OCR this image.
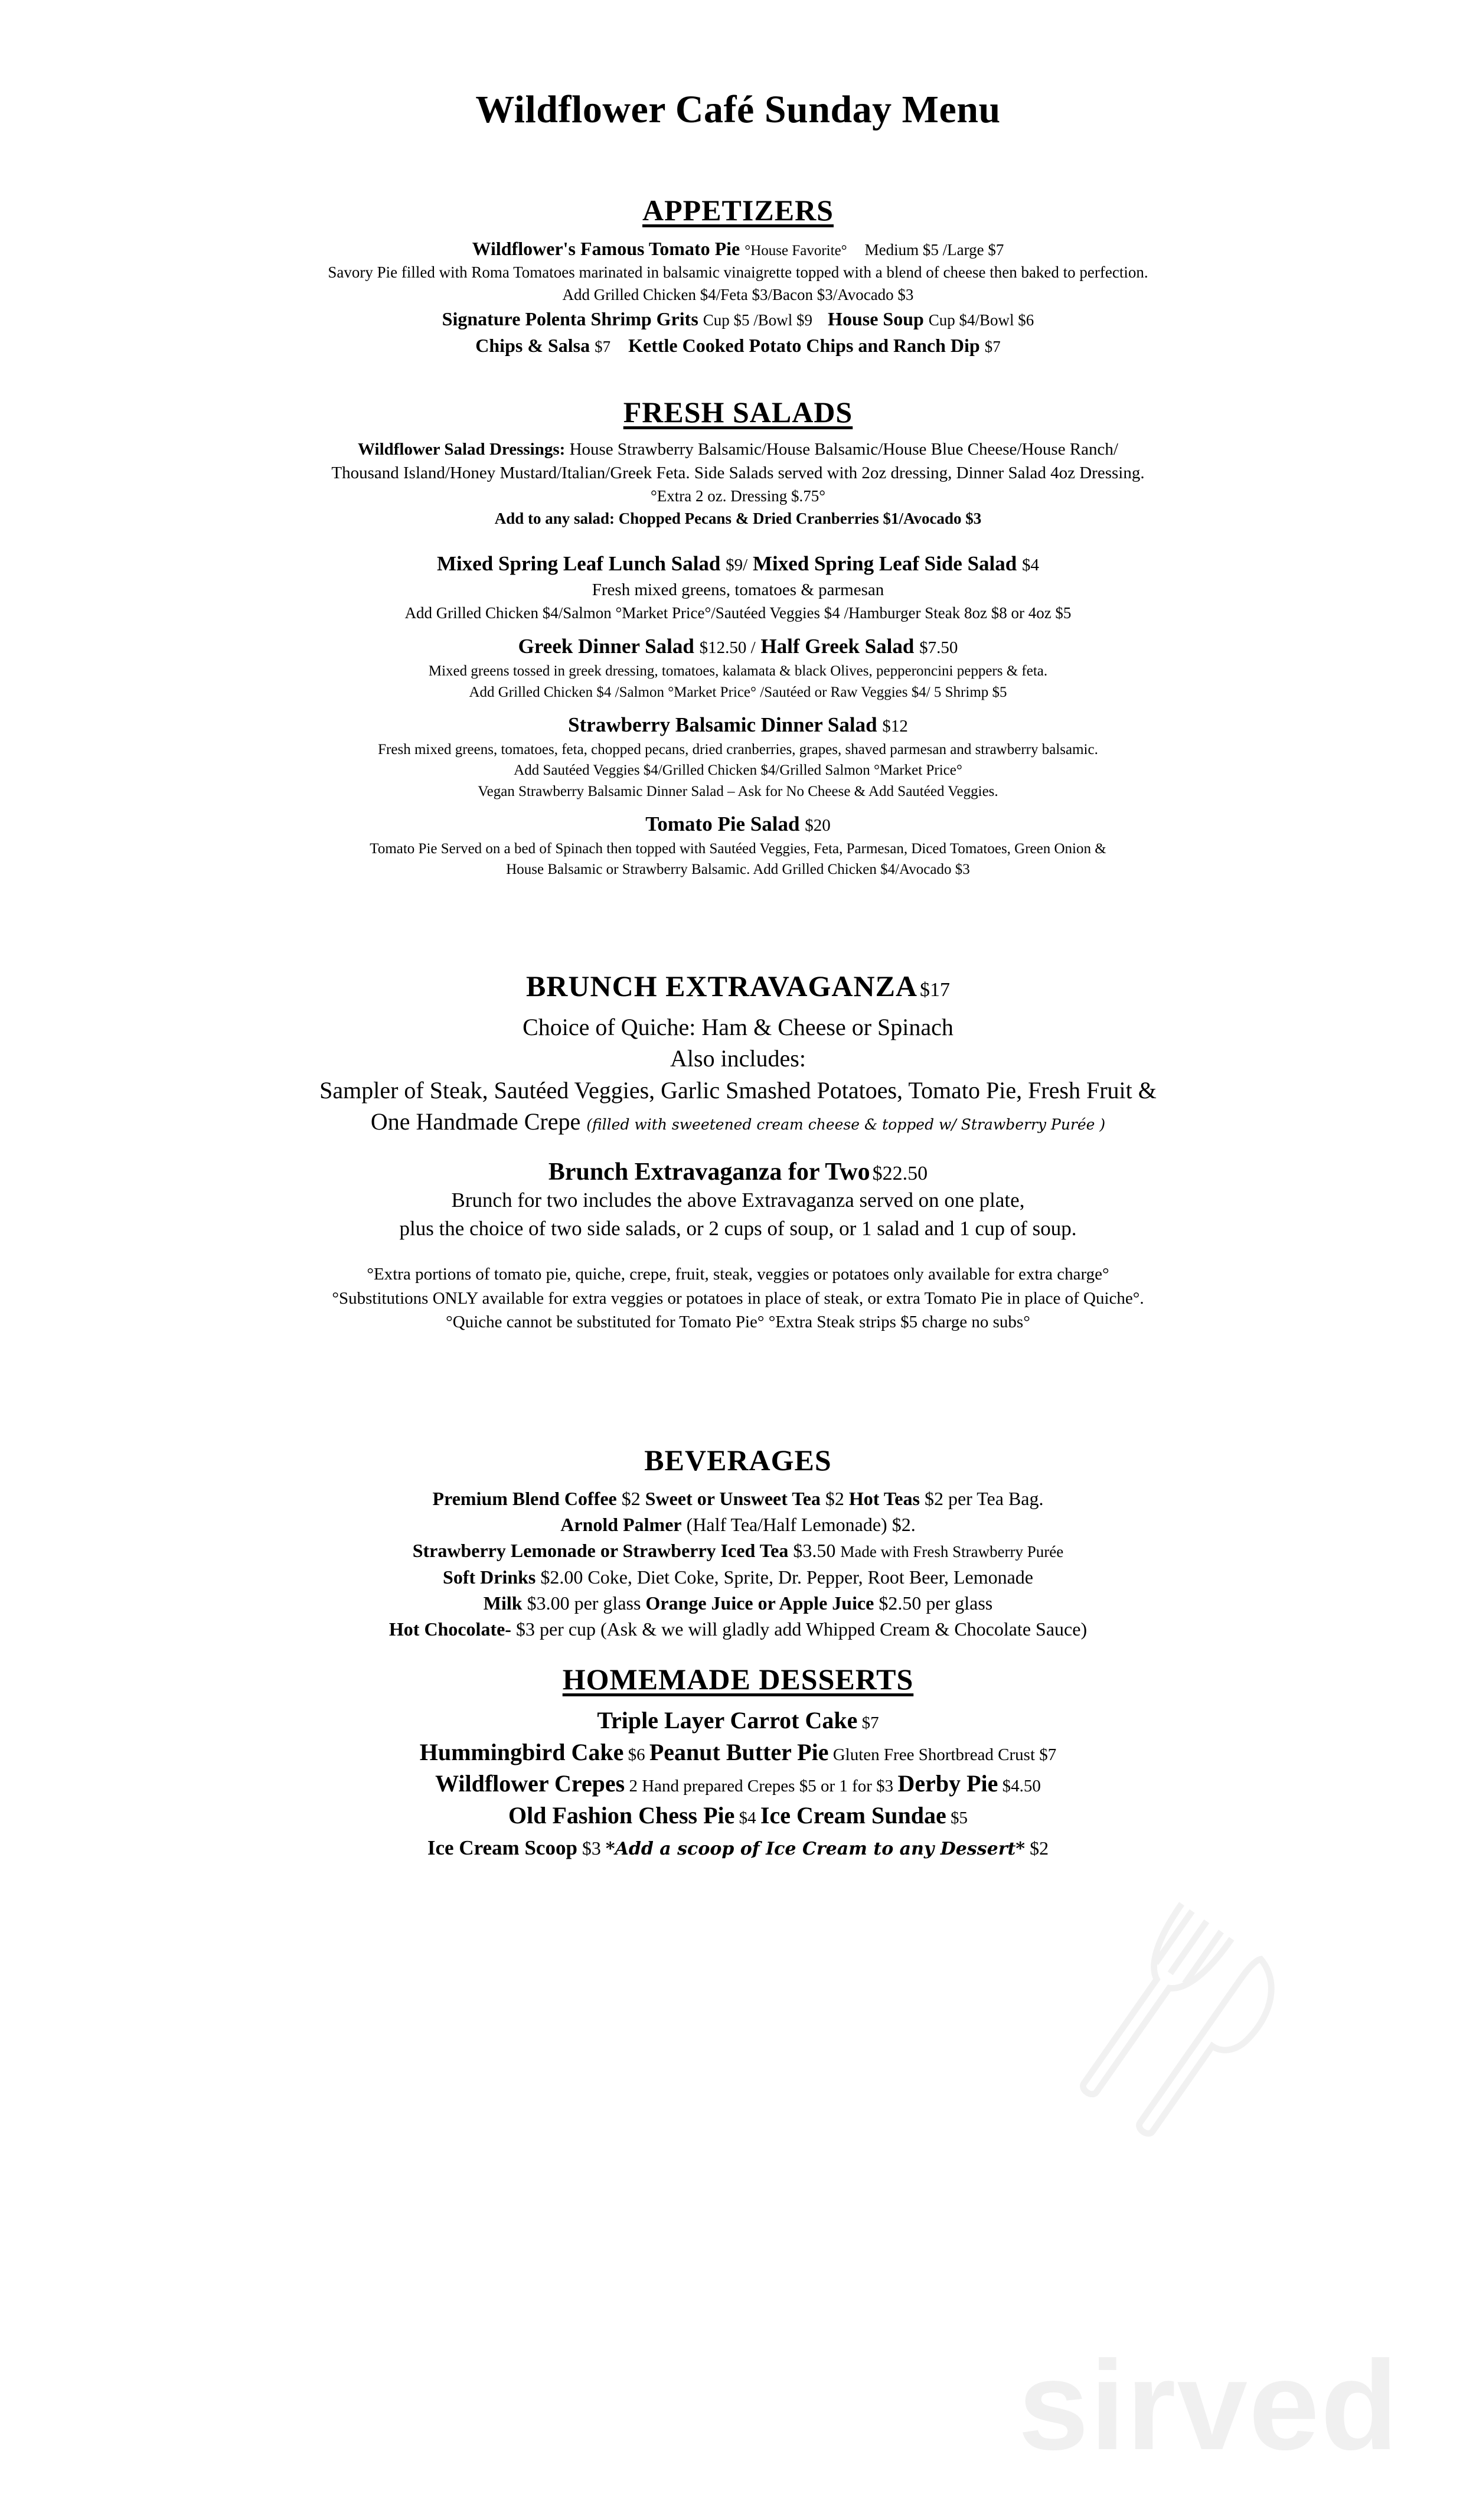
sirved
Wildflower Café Sunday Menu
APPETIZERS

Wildflower's Famous Tomato Pie °House Favorite° Medium $5 /Large $7

Savory Pie filled with Roma Tomatoes marinated in balsamic vinaigrette topped with a blend of cheese then baked to perfection.

Add Grilled Chicken $4/Feta $3/Bacon $3/Avocado $3

Signature Polenta Shrimp Grits Cup $5 /Bowl $9 House Soup Cup $4/Bowl $6

Chips & Salsa $7 Kettle Cooked Potato Chips and Ranch Dip $7

FRESH SALADS

Wildflower Salad Dressings: House Strawberry Balsamic/House Balsamic/House Blue Cheese/House Ranch/

Thousand Island/Honey Mustard/Italian/Greek Feta. Side Salads served with 2oz dressing, Dinner Salad 4oz Dressing.

°Extra 2 oz. Dressing $.75°

Add to any salad: Chopped Pecans & Dried Cranberries $1/Avocado $3

Mixed Spring Leaf Lunch Salad $9/ Mixed Spring Leaf Side Salad $4

Fresh mixed greens, tomatoes & parmesan

Add Grilled Chicken $4/Salmon °Market Price°/Sautéed Veggies $4 /Hamburger Steak 8oz $8 or 4oz $5

Greek Dinner Salad $12.50 / Half Greek Salad $7.50

Mixed greens tossed in greek dressing, tomatoes, kalamata & black Olives, pepperoncini peppers & feta.

Add Grilled Chicken $4 /Salmon °Market Price° /Sautéed or Raw Veggies $4/ 5 Shrimp $5

Strawberry Balsamic Dinner Salad $12

Fresh mixed greens, tomatoes, feta, chopped pecans, dried cranberries, grapes, shaved parmesan and strawberry balsamic.

Add Sautéed Veggies $4/Grilled Chicken $4/Grilled Salmon °Market Price°

Vegan Strawberry Balsamic Dinner Salad – Ask for No Cheese & Add Sautéed Veggies.

Tomato Pie Salad $20

Tomato Pie Served on a bed of Spinach then topped with Sautéed Veggies, Feta, Parmesan, Diced Tomatoes, Green Onion &

House Balsamic or Strawberry Balsamic. Add Grilled Chicken $4/Avocado $3

BRUNCH EXTRAVAGANZA $17

Choice of Quiche: Ham & Cheese or Spinach

Also includes:

Sampler of Steak, Sautéed Veggies, Garlic Smashed Potatoes, Tomato Pie, Fresh Fruit &

One Handmade Crepe (filled with sweetened cream cheese & topped w/ Strawberry Purée )

Brunch Extravaganza for Two $22.50

Brunch for two includes the above Extravaganza served on one plate,

plus the choice of two side salads, or 2 cups of soup, or 1 salad and 1 cup of soup.

°Extra portions of tomato pie, quiche, crepe, fruit, steak, veggies or potatoes only available for extra charge°

°Substitutions ONLY available for extra veggies or potatoes in place of steak, or extra Tomato Pie in place of Quiche°.

°Quiche cannot be substituted for Tomato Pie° °Extra Steak strips $5 charge no subs°

BEVERAGES

Premium Blend Coffee $2 Sweet or Unsweet Tea $2 Hot Teas $2 per Tea Bag.

Arnold Palmer (Half Tea/Half Lemonade) $2.

Strawberry Lemonade or Strawberry Iced Tea $3.50 Made with Fresh Strawberry Purée

Soft Drinks $2.00 Coke, Diet Coke, Sprite, Dr. Pepper, Root Beer, Lemonade

Milk $3.00 per glass Orange Juice or Apple Juice $2.50 per glass

Hot Chocolate- $3 per cup (Ask & we will gladly add Whipped Cream & Chocolate Sauce)

HOMEMADE DESSERTS

Triple Layer Carrot Cake $7

Hummingbird Cake $6 Peanut Butter Pie Gluten Free Shortbread Crust $7

Wildflower Crepes 2 Hand prepared Crepes $5 or 1 for $3 Derby Pie $4.50

Old Fashion Chess Pie $4 Ice Cream Sundae $5

Ice Cream Scoop $3 *Add a scoop of Ice Cream to any Dessert* $2
